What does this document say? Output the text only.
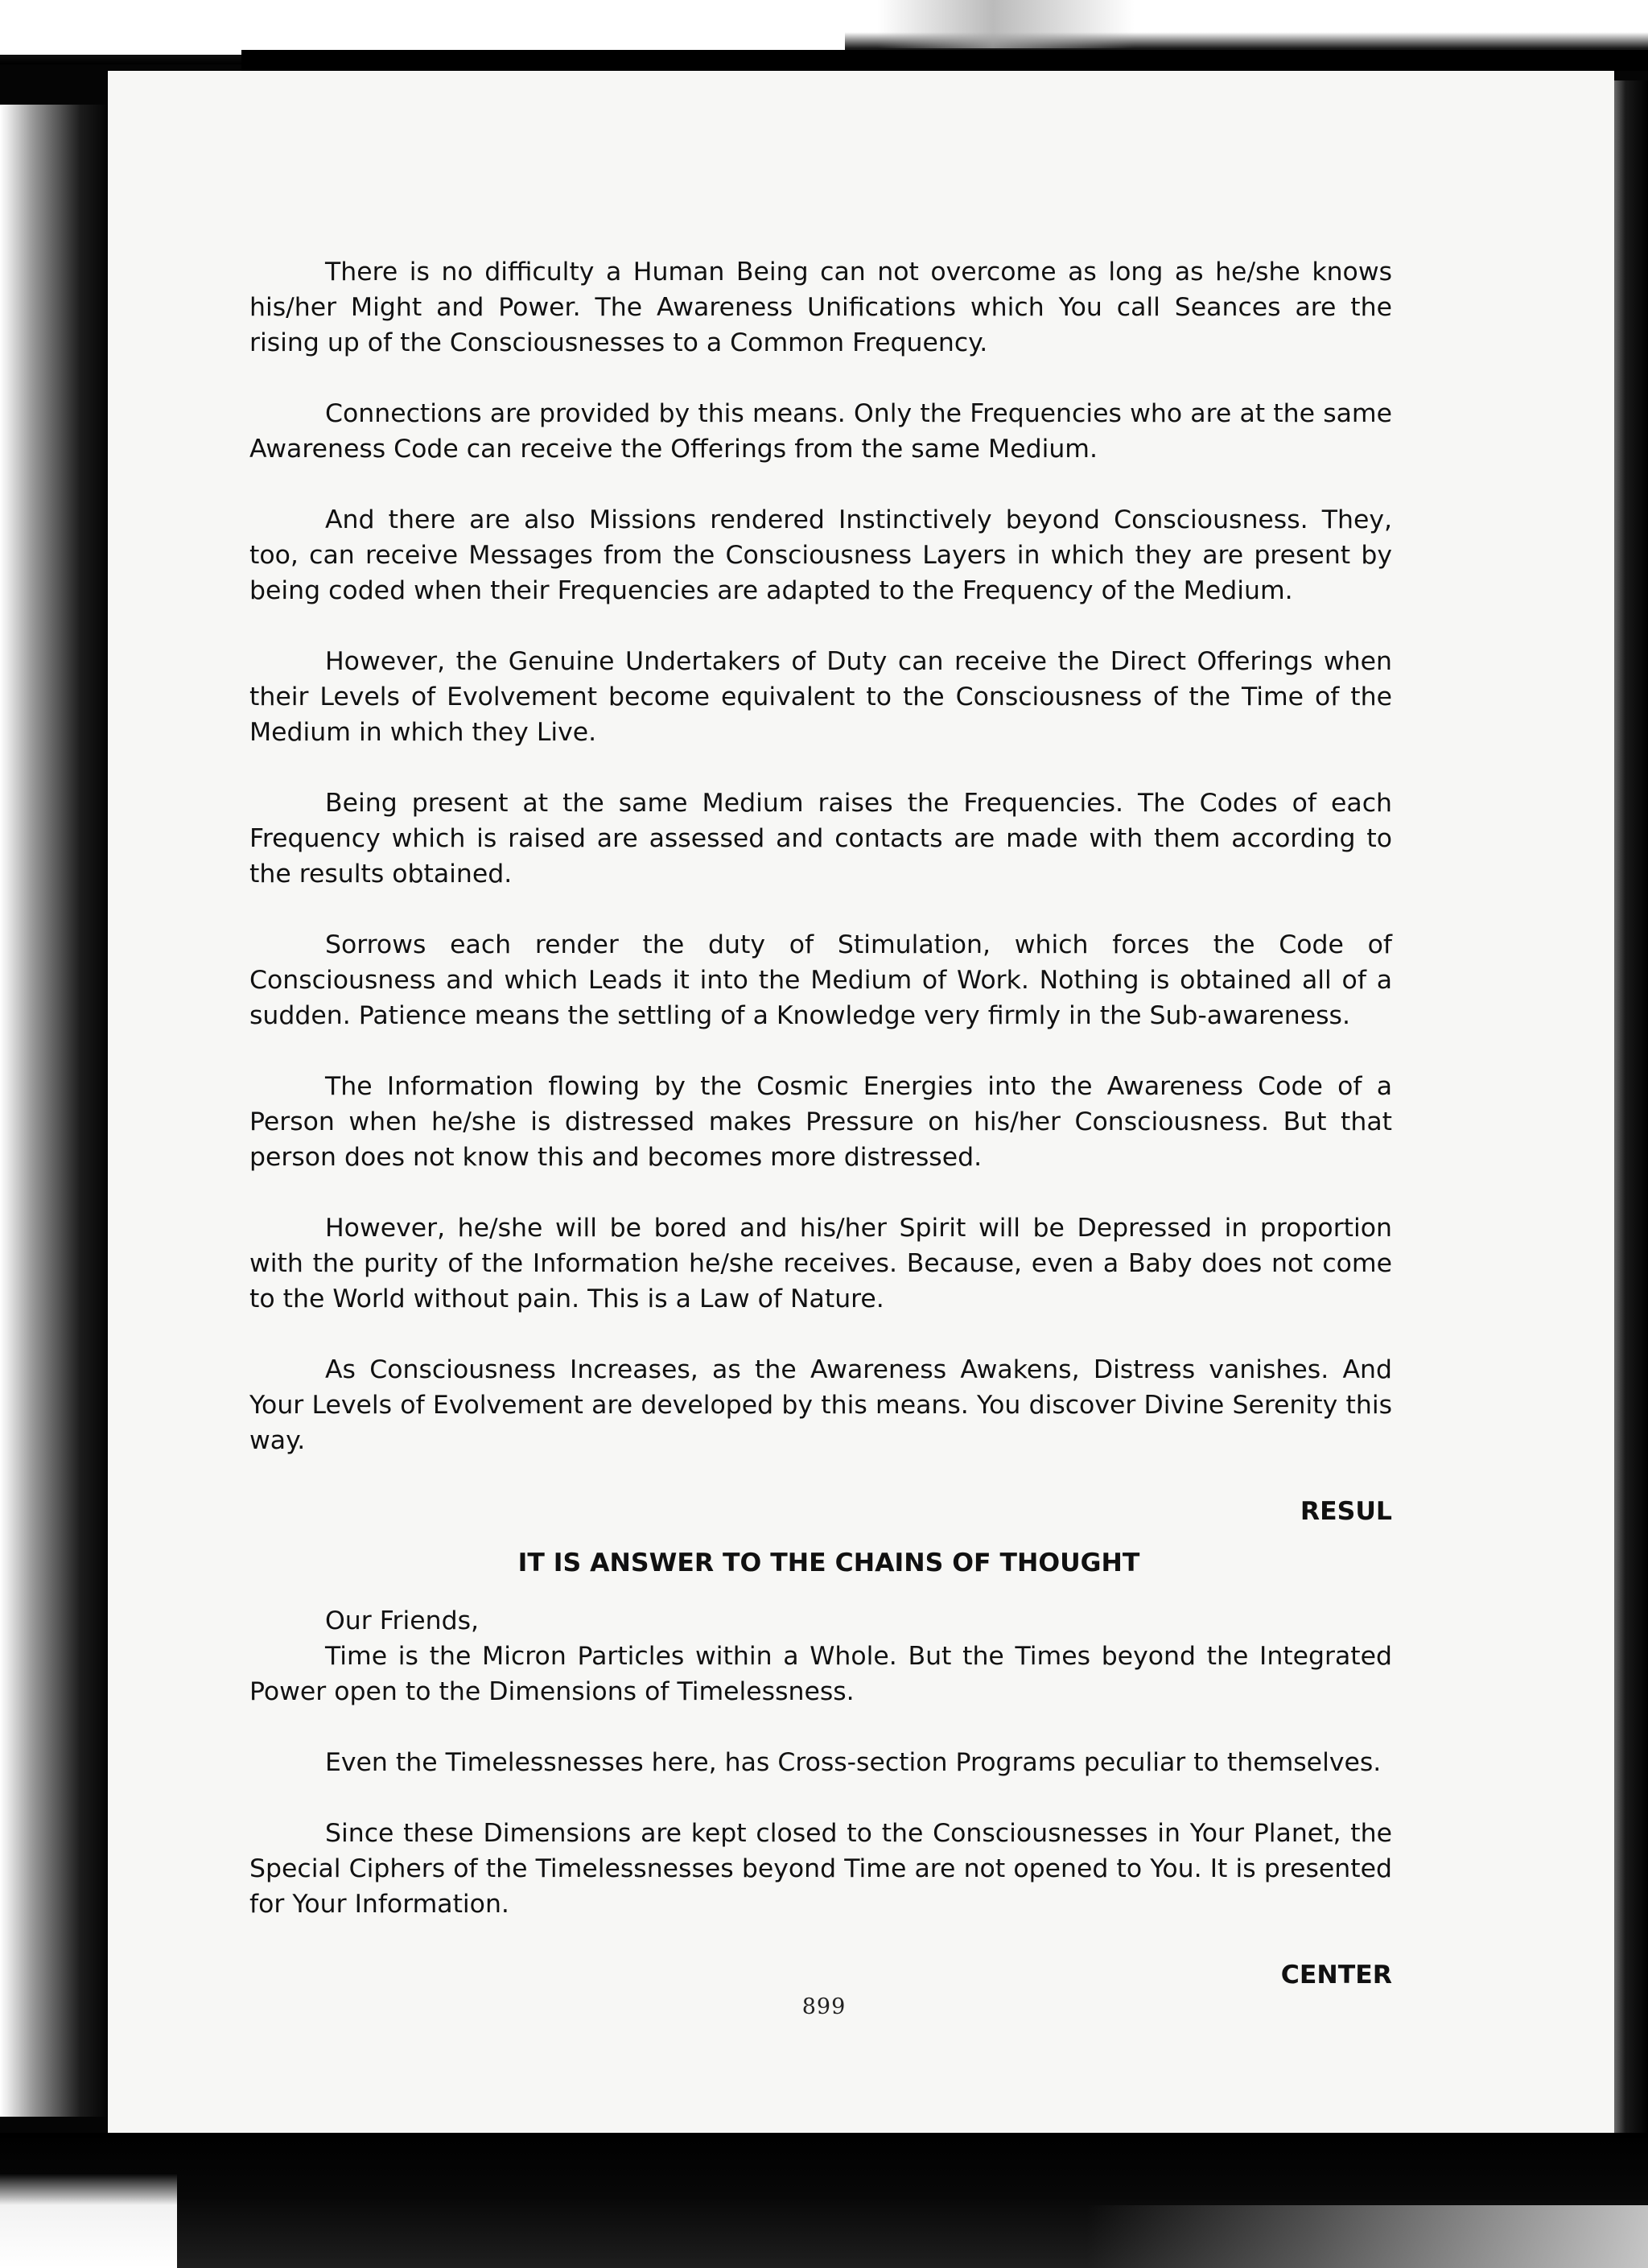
There is no difficulty a Human Being can not overcome as long as he/she knows his/her Might and Power. The Awareness Unifications which You call Seances are the rising up of the Consciousnesses to a Common Frequency.

Connections are provided by this means. Only the Frequencies who are at the same Awareness Code can receive the Offerings from the same Medium.

And there are also Missions rendered Instinctively beyond Consciousness. They, too, can receive Messages from the Consciousness Layers in which they are present by being coded when their Frequencies are adapted to the Frequency of the Medium.

However, the Genuine Undertakers of Duty can receive the Direct Offerings when their Levels of Evolvement become equivalent to the Consciousness of the Time of the Medium in which they Live.

Being present at the same Medium raises the Frequencies. The Codes of each Frequency which is raised are assessed and contacts are made with them according to the results obtained.

Sorrows each render the duty of Stimulation, which forces the Code of Consciousness and which Leads it into the Medium of Work. Nothing is obtained all of a sudden. Patience means the settling of a Knowledge very firmly in the Sub-awareness.

The Information flowing by the Cosmic Energies into the Awareness Code of a Person when he/she is distressed makes Pressure on his/her Consciousness. But that person does not know this and becomes more distressed.

However, he/she will be bored and his/her Spirit will be Depressed in proportion with the purity of the Information he/she receives. Because, even a Baby does not come to the World without pain. This is a Law of Nature.

As Consciousness Increases, as the Awareness Awakens, Distress vanishes. And Your Levels of Evolvement are developed by this means. You discover Divine Serenity this way.

RESUL

IT IS ANSWER TO THE CHAINS OF THOUGHT

Our Friends,

Time is the Micron Particles within a Whole. But the Times beyond the Integrated Power open to the Dimensions of Timelessness.

Even the Timelessnesses here, has Cross-section Programs peculiar to themselves.

Since these Dimensions are kept closed to the Consciousnesses in Your Planet, the Special Ciphers of the Timelessnesses beyond Time are not opened to You. It is presented for Your Information.

CENTER

899
